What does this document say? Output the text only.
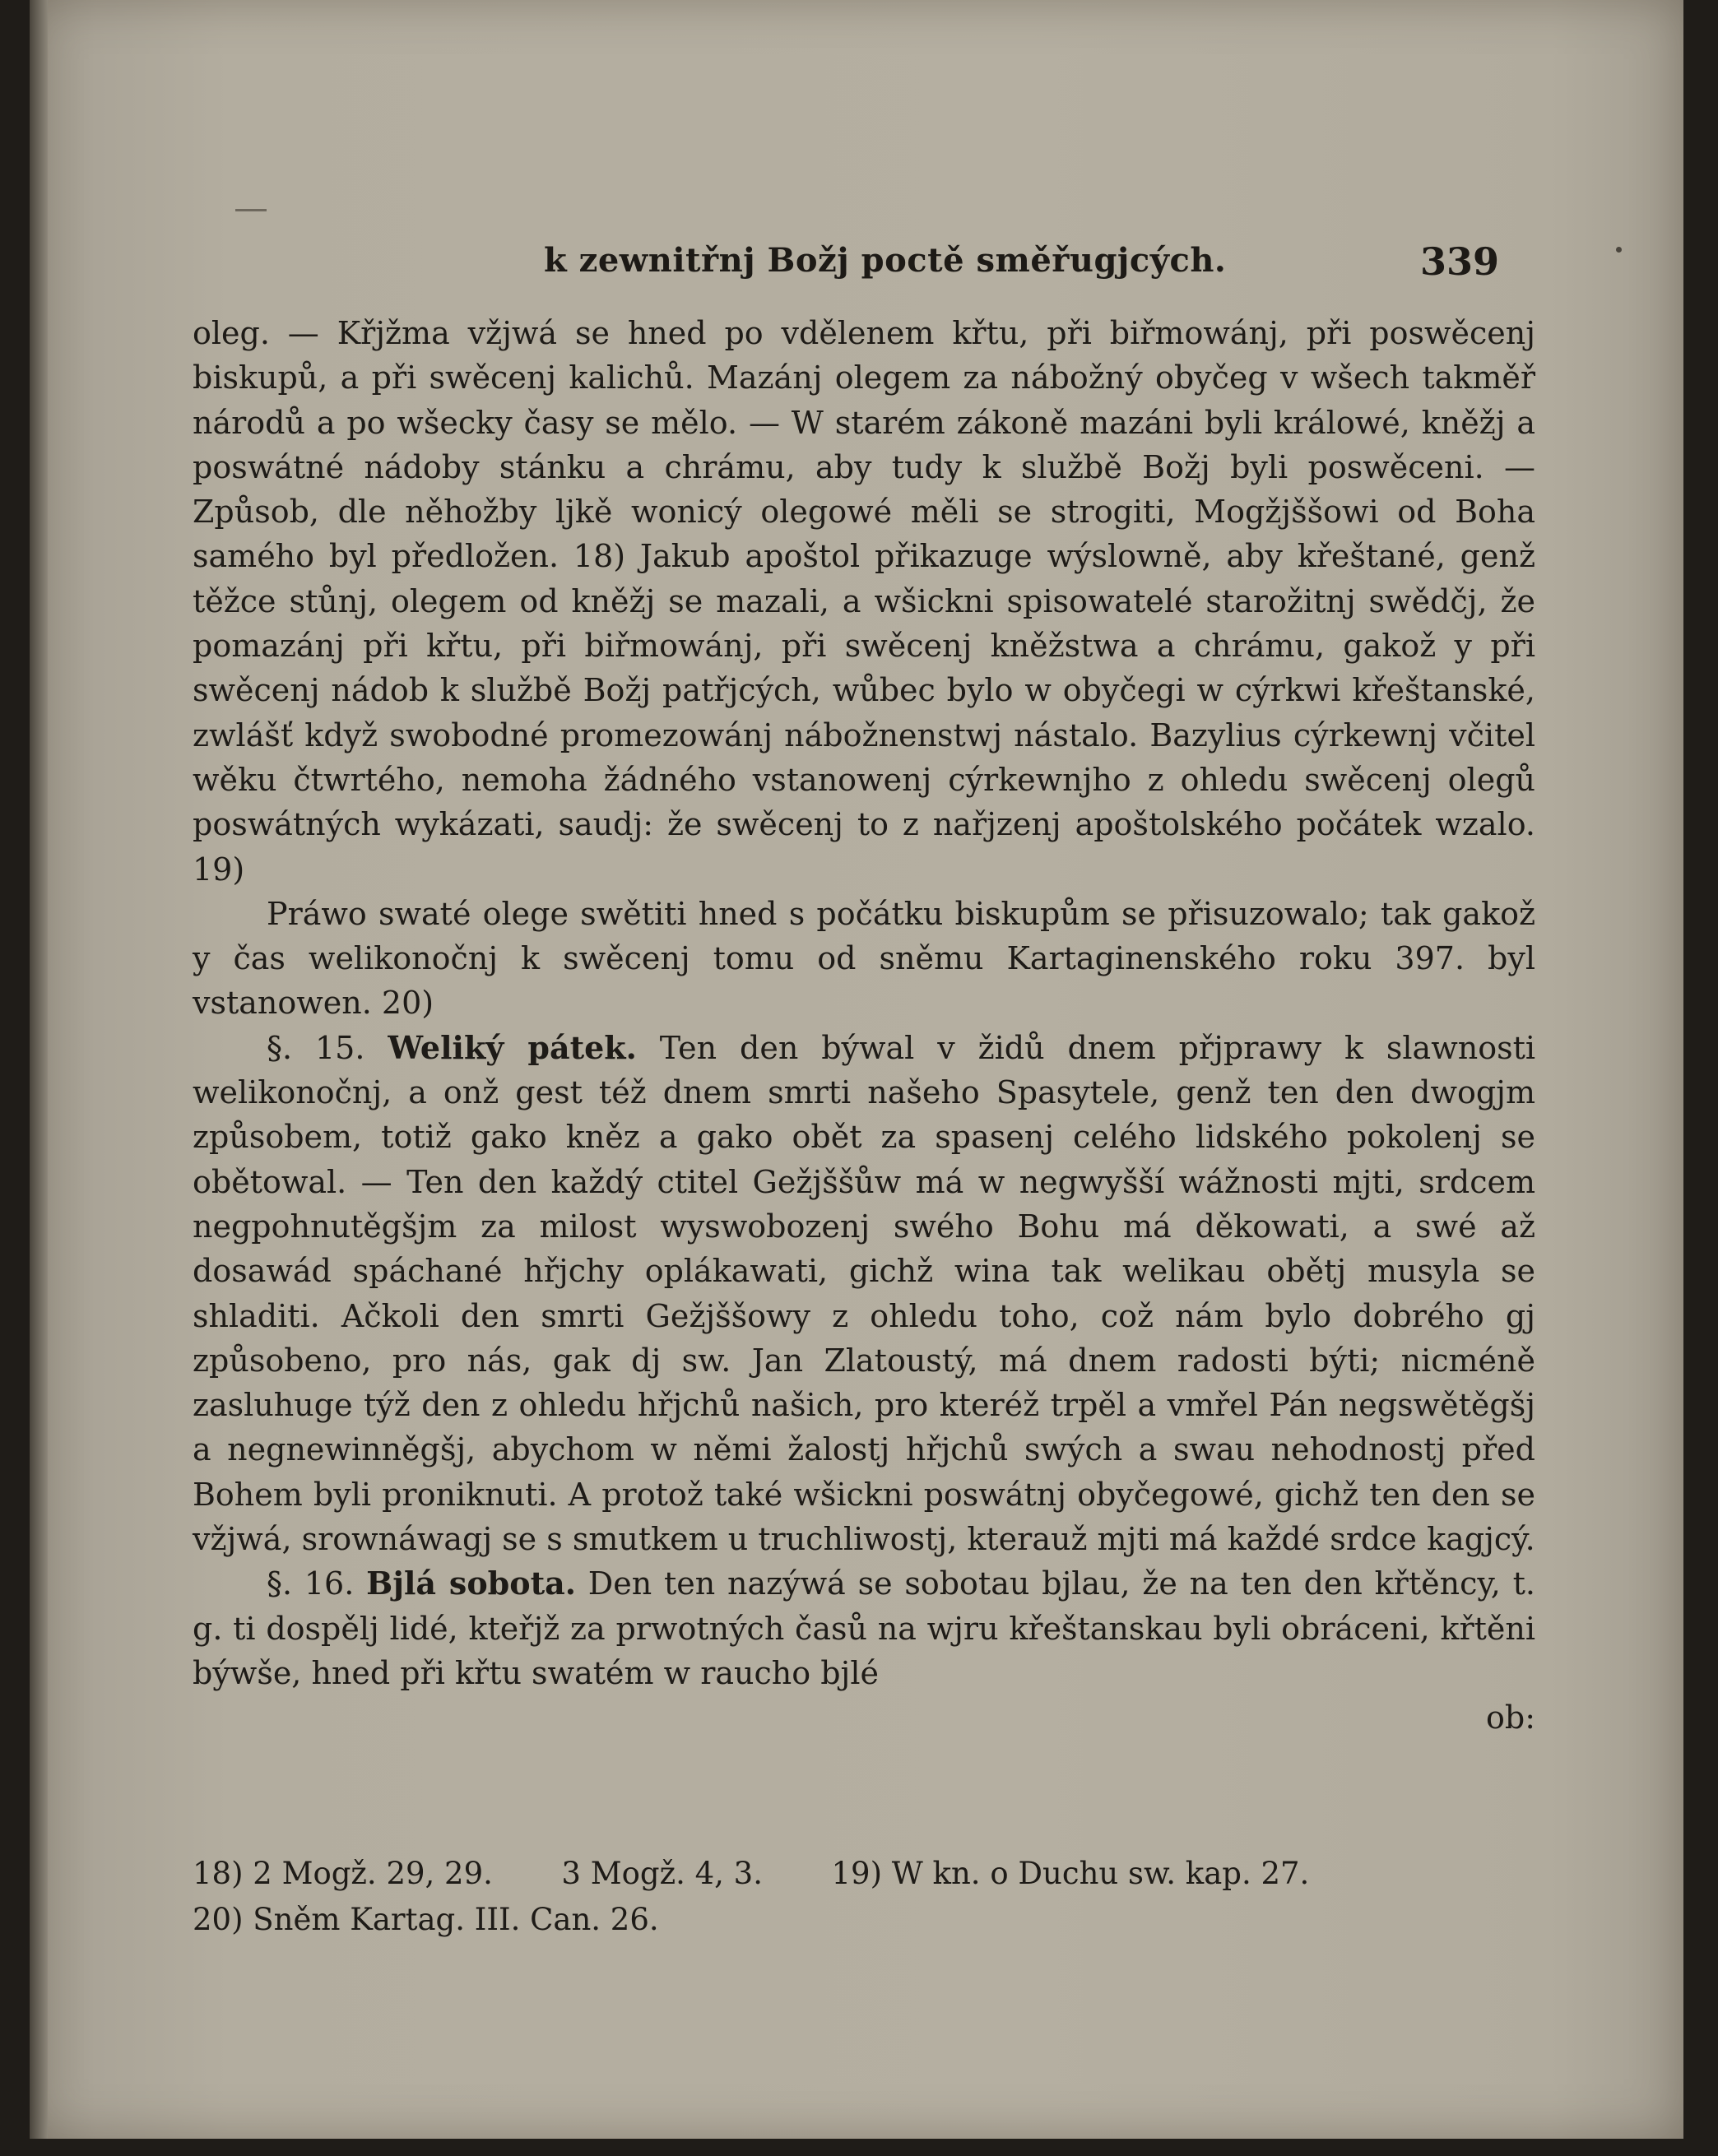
k zewnitřnj Božj poctě směřugjcých.	339

oleg. — Křjžma vžjwá se hned po vdělenem křtu, při biřmowánj, při poswěcenj biskupů, a při swěcenj kalichů. Mazánj olegem za nábožný obyčeg v wšech takměř národů a po wšecky časy se mělo. — W starém zákoně mazáni byli králowé, kněžj a poswátné nádoby stánku a chrámu, aby tudy k službě Božj byli poswěceni. — Způsob, dle něhožby ljkě wonicý olegowé měli se strogiti, Mogžjššowi od Boha samého byl předložen. 18) Jakub apoštol přikazuge wýslowně, aby křeštané, genž těžce stůnj, olegem od kněžj se mazali, a wšickni spisowatelé starožitnj swědčj, že pomazánj při křtu, při biřmowánj, při swěcenj kněžstwa a chrámu, gakož y při swěcenj nádob k službě Božj patřjcých, wůbec bylo w obyčegi w cýrkwi křeštanské, zwlášť když swobodné promezowánj nábožnenstwj nástalo. Bazylius cýrkewnj včitel wěku čtwrtého, nemoha žádného vstanowenj cýrkewnjho z ohledu swěcenj olegů poswátných wykázati, saudj: že swěcenj to z nařjzenj apoštolského počátek wzalo. 19)

Práwo swaté olege swětiti hned s počátku biskupům se přisuzowalo; tak gakož y čas welikonočnj k swěcenj tomu od sněmu Kartaginenského roku 397. byl vstanowen. 20)

§. 15. Weliký pátek. Ten den býwal v židů dnem přjprawy k slawnosti welikonočnj, a onž gest též dnem smrti našeho Spasytele, genž ten den dwogjm způsobem, totiž gako kněz a gako obět za spasenj celého lidského pokolenj se obětowal. — Ten den každý ctitel Gežjššůw má w negwyšší wážnosti mjti, srdcem negpohnutěgšjm za milost wyswobozenj swého Bohu má děkowati, a swé až dosawád spáchané hřjchy oplákawati, gichž wina tak welikau obětj musyla se shladiti. Ačkoli den smrti Gežjššowy z ohledu toho, což nám bylo dobrého gj způsobeno, pro nás, gak dj sw. Jan Zlatoustý, má dnem radosti býti; nicméně zasluhuge týž den z ohledu hřjchů našich, pro kteréž trpěl a vmřel Pán negswětěgšj a negnewinněgšj, abychom w němi žalostj hřjchů swých a swau nehodnostj před Bohem byli proniknuti. A protož také wšickni poswátnj obyčegowé, gichž ten den se vžjwá, srownáwagj se s smutkem u truchliwostj, kterauž mjti má každé srdce kagjcý.

§. 16. Bjlá sobota. Den ten nazýwá se sobotau bjlau, že na ten den křtěncy, t. g. ti dospělj lidé, kteřjž za prwotných časů na wjru křeštanskau byli obráceni, křtěni býwše, hned při křtu swatém w raucho bjlé

ob:

18) 2 Mogž. 29, 29. 3 Mogž. 4, 3. 19) W kn. o Duchu sw. kap. 27.
20) Sněm Kartag. III. Can. 26.
